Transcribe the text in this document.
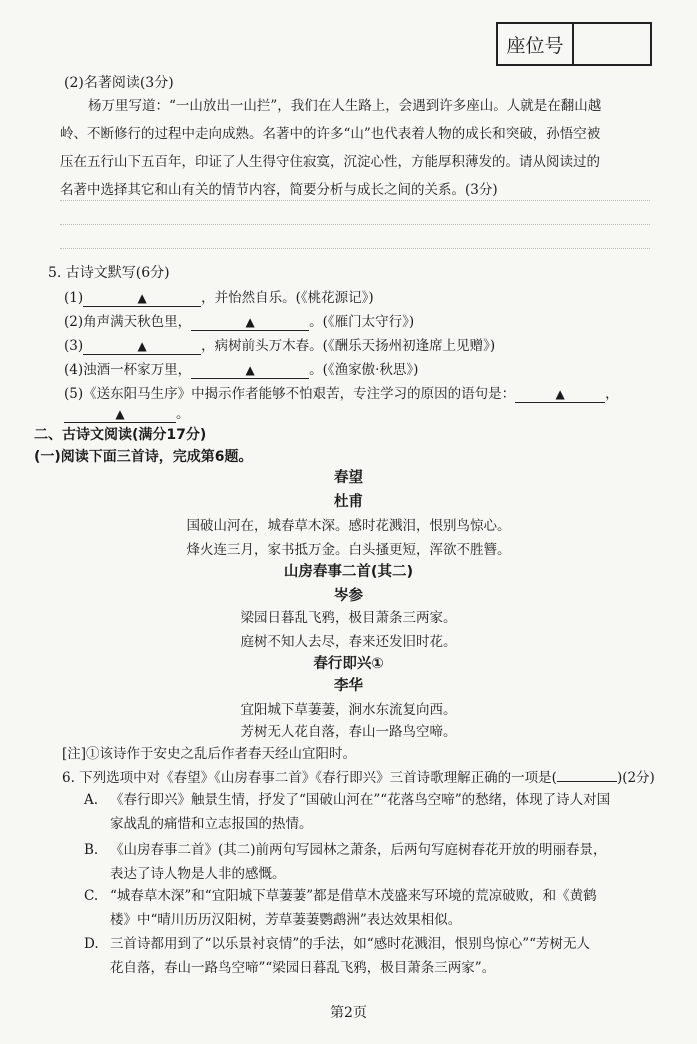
座位号
(2)名著阅读(3分)
杨万里写道：“一山放出一山拦”，我们在人生路上，会遇到许多座山。人就是在翻山越
岭、不断修行的过程中走向成熟。名著中的许多“山”也代表着人物的成长和突破，孙悟空被
压在五行山下五百年，印证了人生得守住寂寞，沉淀心性，方能厚积薄发的。请从阅读过的
名著中选择其它和山有关的情节内容，简要分析与成长之间的关系。(3分)
5. 古诗文默写(6分)
(1)	▲	，并怡然自乐。(《桃花源记》)
(2)角声满天秋色里，	▲	。(《雁门太守行》)
(3)	▲	，病树前头万木春。(《酬乐天扬州初逢席上见赠》)
(4)浊酒一杯家万里，	▲	。(《渔家傲·秋思》)
(5)《送东阳马生序》中揭示作者能够不怕艰苦，专注学习的原因的语句是：	▲	，
▲	。
二、古诗文阅读(满分17分)
(一)阅读下面三首诗，完成第6题。
春望
杜甫
国破山河在，城春草木深。感时花溅泪，恨别鸟惊心。
烽火连三月，家书抵万金。白头搔更短，浑欲不胜簪。
山房春事二首(其二)
岑参
梁园日暮乱飞鸦，极目萧条三两家。
庭树不知人去尽，春来还发旧时花。
春行即兴①
李华
宜阳城下草萋萋，涧水东流复向西。
芳树无人花自落，春山一路鸟空啼。
[注]①该诗作于安史之乱后作者春天经山宜阳时。
6. 下列选项中对《春望》《山房春事二首》《春行即兴》三首诗歌理解正确的一项是(	)(2分)
A. 《春行即兴》触景生情，抒发了“国破山河在”“花落鸟空啼”的愁绪，体现了诗人对国
家战乱的痛惜和立志报国的热情。
B. 《山房春事二首》(其二)前两句写园林之萧条，后两句写庭树春花开放的明丽春景，
表达了诗人物是人非的感慨。
C. “城春草木深”和“宜阳城下草萋萋”都是借草木茂盛来写环境的荒凉破败，和《黄鹤
楼》中“晴川历历汉阳树，芳草萋萋鹦鹉洲”表达效果相似。
D. 三首诗都用到了“以乐景衬哀情”的手法，如“感时花溅泪，恨别鸟惊心”“芳树无人
花自落，春山一路鸟空啼”“梁园日暮乱飞鸦，极目萧条三两家”。
第2页
